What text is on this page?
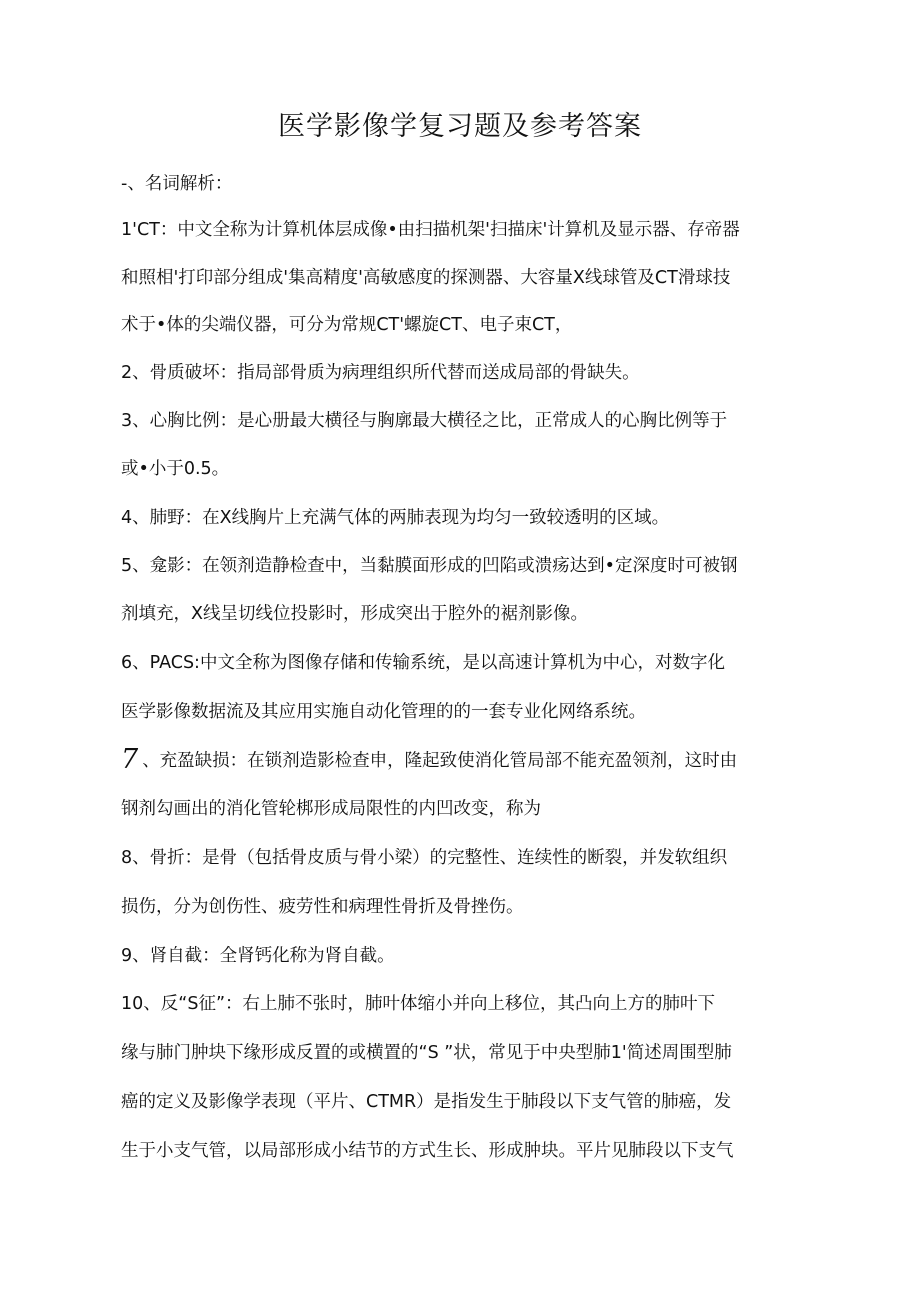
医学影像学复习题及参考答案
-、名词解析：
1'CT：中文全称为计算机体层成像•由扫描机架'扫描床'计算机及显示器、存帝器
和照相'打印部分组成'集高精度'高敏感度的探测器、大容量X线球管及CT滑球技
术于•体的尖端仪器，可分为常规CT'螺旋CT、电子束CT，
2、骨质破坏：指局部骨质为病理组织所代替而送成局部的骨缺失。
3、心胸比例：是心册最大横径与胸廓最大横径之比，正常成人的心胸比例等于
或•小于0.5。
4、肺野：在X线胸片上充满气体的两肺表现为均匀一致较透明的区域。
5、龛影：在领剂造静检查中，当黏膜面形成的凹陷或溃疡达到•定深度时可被钢
剂填充，X线呈切线位投影时，形成突出于腔外的裾剂影像。
6、PACS:中文全称为图像存储和传输系统，是以高速计算机为中心，对数字化
医学影像数据流及其应用实施自动化管理的的一套专业化网络系统。
7 、充盈缺损：在锁剂造影检查申，隆起致使消化管局部不能充盈领剂，这时由
钢剂勾画出的消化管轮梆形成局限性的内凹改变，称为
8、骨折：是骨（包括骨皮质与骨小梁）的完整性、连续性的断裂，并发软组织
损伤，分为创伤性、疲劳性和病理性骨折及骨挫伤。
9、肾自截：全肾钙化称为肾自截。
10、反“S征”：右上肺不张时，肺叶体缩小并向上移位，其凸向上方的肺叶下
缘与肺门肿块下缘形成反置的或横置的“S ”状，常见于中央型肺1'简述周围型肺
癌的定义及影像学表现（平片、CTMR）是指发生于肺段以下支气管的肺癌，发
生于小支气管，以局部形成小结节的方式生长、形成肿块。平片见肺段以下支气
